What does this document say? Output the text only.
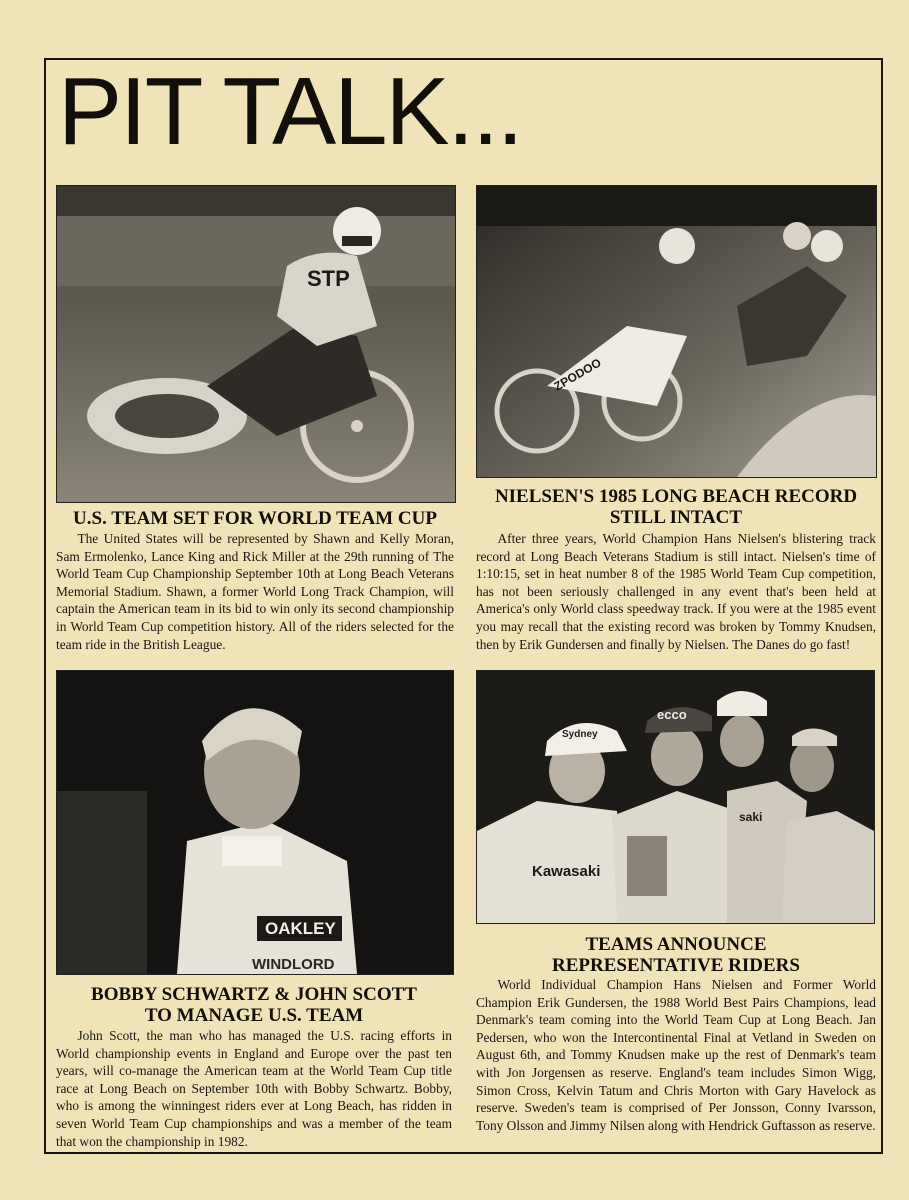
PIT TALK...
STP
ZPODOO
U.S. TEAM SET FOR WORLD TEAM CUP

The United States will be represented by Shawn and Kelly Moran, Sam Ermolenko, Lance King and Rick Miller at the 29th running of The World Team Cup Championship September 10th at Long Beach Veterans Memorial Stadium. Shawn, a former World Long Track Champion, will captain the American team in its bid to win only its second championship in World Team Cup competition history. All of the riders selected for the team ride in the British League.

NIELSEN'S 1985 LONG BEACH RECORD
STILL INTACT

After three years, World Champion Hans Nielsen's blistering track record at Long Beach Veterans Stadium is still intact. Nielsen's time of 1:10:15, set in heat number 8 of the 1985 World Team Cup competition, has not been seriously challenged in any event that's been held at America's only World class speedway track. If you were at the 1985 event you may recall that the existing record was broken by Tommy Knudsen, then by Erik Gundersen and finally by Nielsen. The Danes do go fast!

OAKLEY
WINDLORD
Sydney
ecco
Kawasaki
saki
BOBBY SCHWARTZ & JOHN SCOTT
TO MANAGE U.S. TEAM

John Scott, the man who has managed the U.S. racing efforts in World championship events in England and Europe over the past ten years, will co-manage the American team at the World Team Cup title race at Long Beach on September 10th with Bobby Schwartz. Bobby, who is among the winningest riders ever at Long Beach, has ridden in seven World Team Cup championships and was a member of the team that won the championship in 1982.

TEAMS ANNOUNCE
REPRESENTATIVE RIDERS

World Individual Champion Hans Nielsen and Former World Champion Erik Gundersen, the 1988 World Best Pairs Champions, lead Denmark's team coming into the World Team Cup at Long Beach. Jan Pedersen, who won the Intercontinental Final at Vetland in Sweden on August 6th, and Tommy Knudsen make up the rest of Denmark's team with Jon Jorgensen as reserve. England's team includes Simon Wigg, Simon Cross, Kelvin Tatum and Chris Morton with Gary Havelock as reserve. Sweden's team is comprised of Per Jonsson, Conny Ivarsson, Tony Olsson and Jimmy Nilsen along with Hendrick Guftasson as reserve.
